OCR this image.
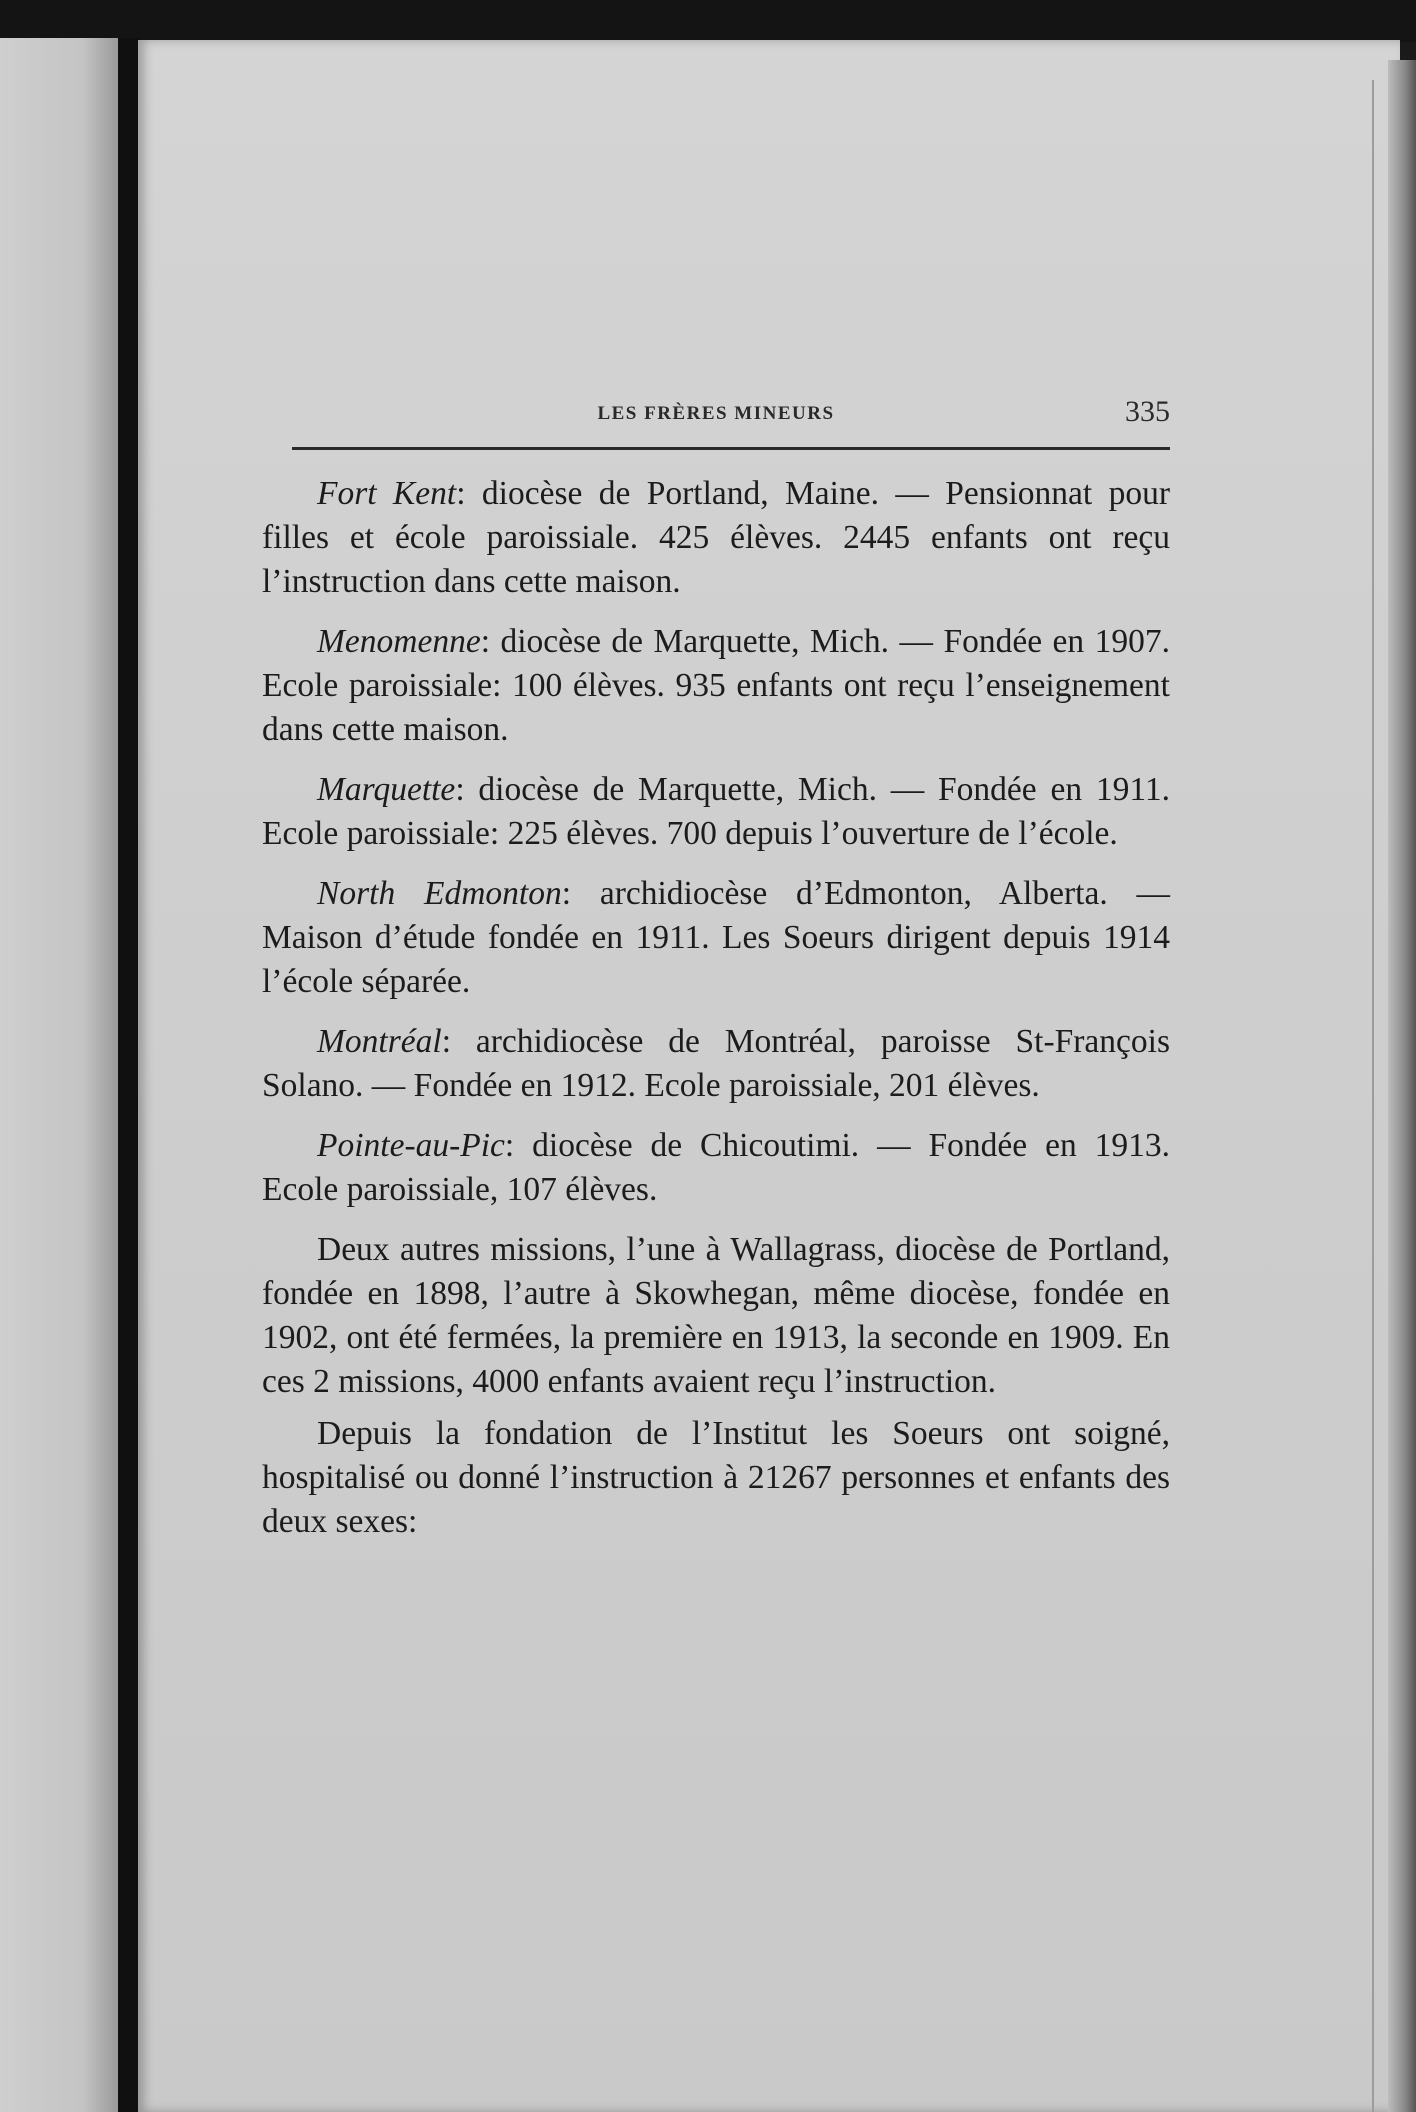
LES FRÈRES MINEURS	335

Fort Kent: diocèse de Portland, Maine. — Pensionnat pour filles et école paroissiale. 425 élèves. 2445 enfants ont reçu l’instruction dans cette maison.

Menomenne: diocèse de Marquette, Mich. — Fondée en 1907. Ecole paroissiale: 100 élèves. 935 enfants ont reçu l’enseignement dans cette maison.

Marquette: diocèse de Marquette, Mich. — Fondée en 1911. Ecole paroissiale: 225 élèves. 700 depuis l’ouverture de l’école.

North Edmonton: archidiocèse d’Edmonton, Alberta. — Maison d’étude fondée en 1911. Les Soeurs dirigent depuis 1914 l’école séparée.

Montréal: archidiocèse de Montréal, paroisse St-François Solano. — Fondée en 1912. Ecole paroissiale, 201 élèves.

Pointe-au-Pic: diocèse de Chicoutimi. — Fondée en 1913. Ecole paroissiale, 107 élèves.

Deux autres missions, l’une à Wallagrass, diocèse de Portland, fondée en 1898, l’autre à Skowhegan, même diocèse, fondée en 1902, ont été fermées, la première en 1913, la seconde en 1909. En ces 2 missions, 4000 enfants avaient reçu l’instruction.

Depuis la fondation de l’Institut les Soeurs ont soigné, hospitalisé ou donné l’instruction à 21267 personnes et enfants des deux sexes:
